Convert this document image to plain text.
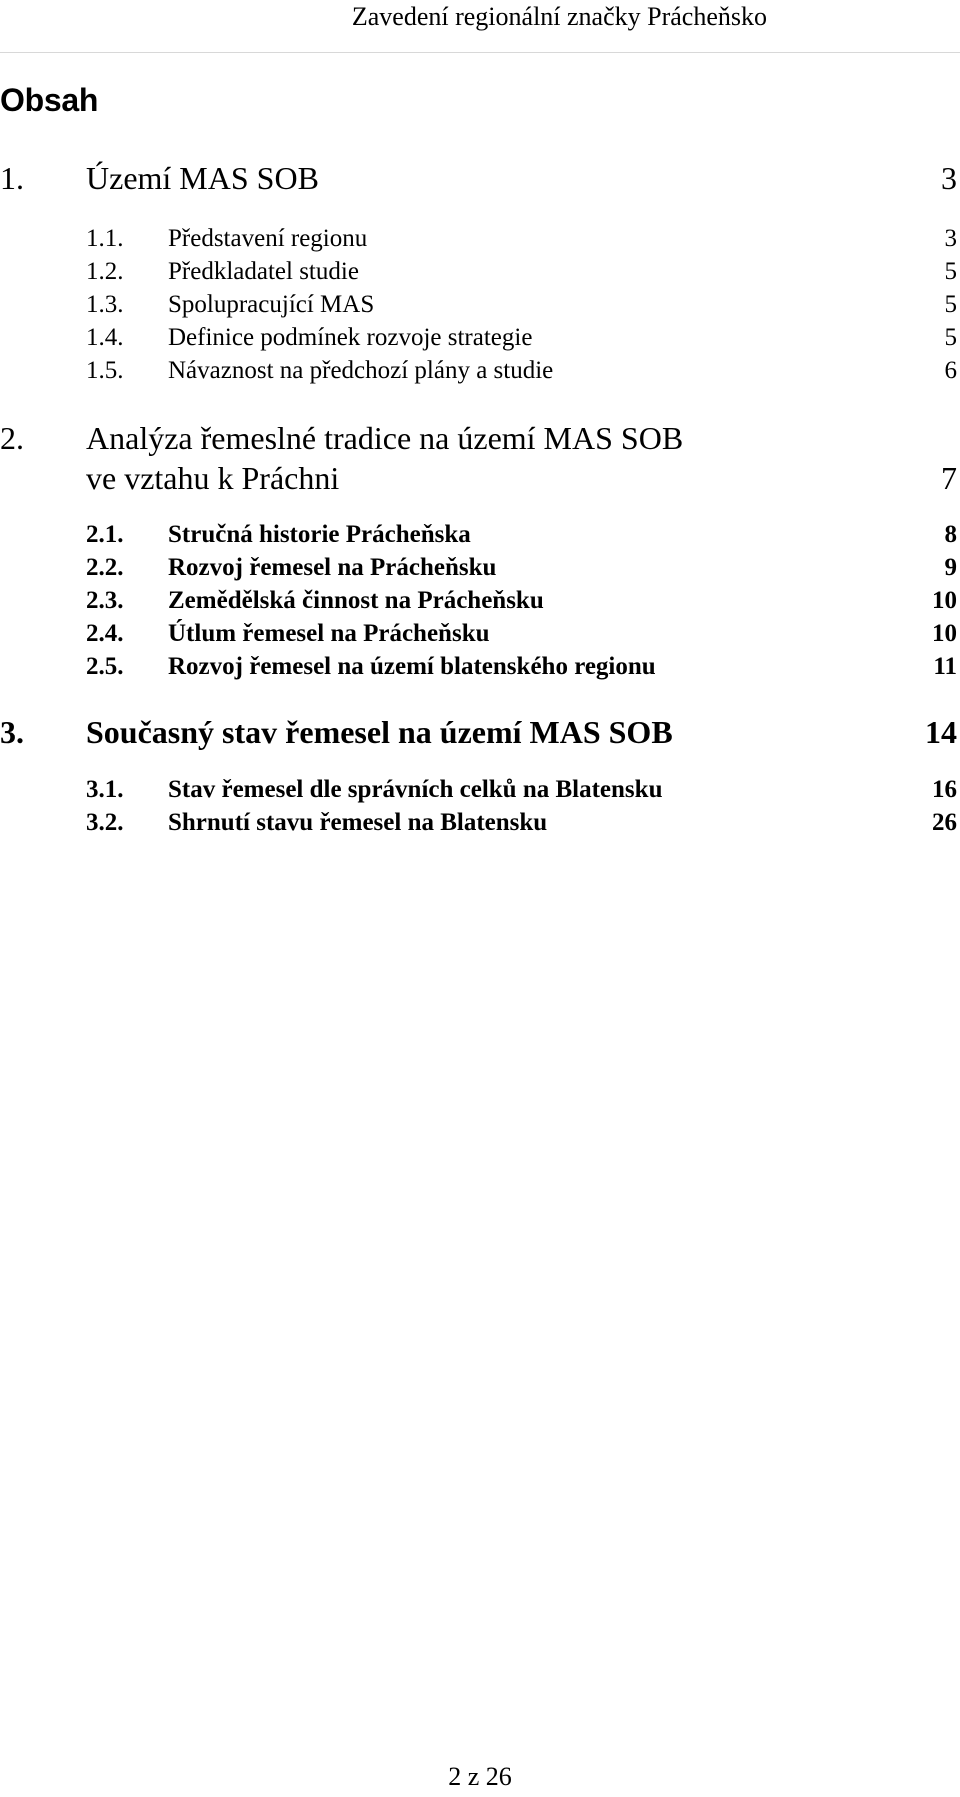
Zavedení regionální značky Prácheňsko
Obsah
1. Území MAS SOB	3
1.1. Představení regionu	3
1.2. Předkladatel studie	5
1.3. Spolupracující MAS	5
1.4. Definice podmínek rozvoje strategie	5
1.5. Návaznost na předchozí plány a studie	6
2. Analýza řemeslné tradice na území MAS SOB
ve vztahu k Práchni	7
2.1. Stručná historie Prácheňska	8
2.2. Rozvoj řemesel na Prácheňsku	9
2.3. Zemědělská činnost na Prácheňsku	10
2.4. Útlum řemesel na Prácheňsku	10
2.5. Rozvoj řemesel na území blatenského regionu	11
3. Současný stav řemesel na území MAS SOB	14
3.1. Stav řemesel dle správních celků na Blatensku	16
3.2. Shrnutí stavu řemesel na Blatensku	26
2 z 26
